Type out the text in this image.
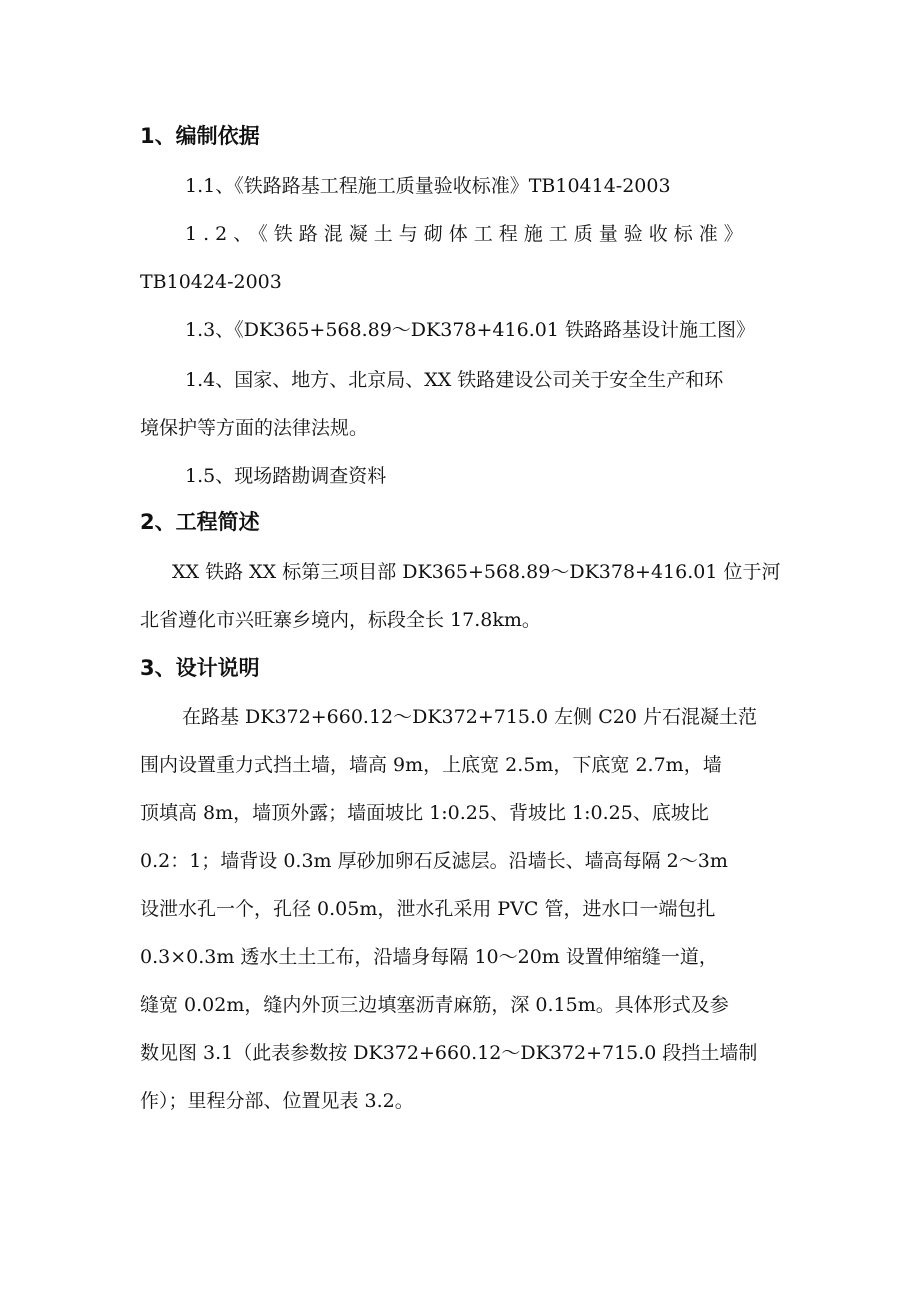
1、编制依据
1.1、《铁路路基工程施工质量验收标准》TB10414-2003
1.2、《铁路混凝土与砌体工程施工质量验收标准》
TB10424-2003
1.3、《DK365+568.89～DK378+416.01 铁路路基设计施工图》
1.4、国家、地方、北京局、XX 铁路建设公司关于安全生产和环
境保护等方面的法律法规。
1.5、现场踏勘调查资料
2、工程简述
XX 铁路 XX 标第三项目部 DK365+568.89～DK378+416.01 位于河
北省遵化市兴旺寨乡境内，标段全长 17.8km。
3、设计说明
在路基 DK372+660.12～DK372+715.0 左侧 C20 片石混凝土范
围内设置重力式挡土墙，墙高 9m，上底宽 2.5m，下底宽 2.7m，墙
顶填高 8m，墙顶外露；墙面坡比 1:0.25、背坡比 1:0.25、底坡比
0.2：1；墙背设 0.3m 厚砂加卵石反滤层。沿墙长、墙高每隔 2～3m
设泄水孔一个，孔径 0.05m，泄水孔采用 PVC 管，进水口一端包扎
0.3×0.3m 透水土土工布，沿墙身每隔 10～20m 设置伸缩缝一道，
缝宽 0.02m，缝内外顶三边填塞沥青麻筋，深 0.15m。具体形式及参
数见图 3.1（此表参数按 DK372+660.12～DK372+715.0 段挡土墙制
作）；里程分部、位置见表 3.2。
